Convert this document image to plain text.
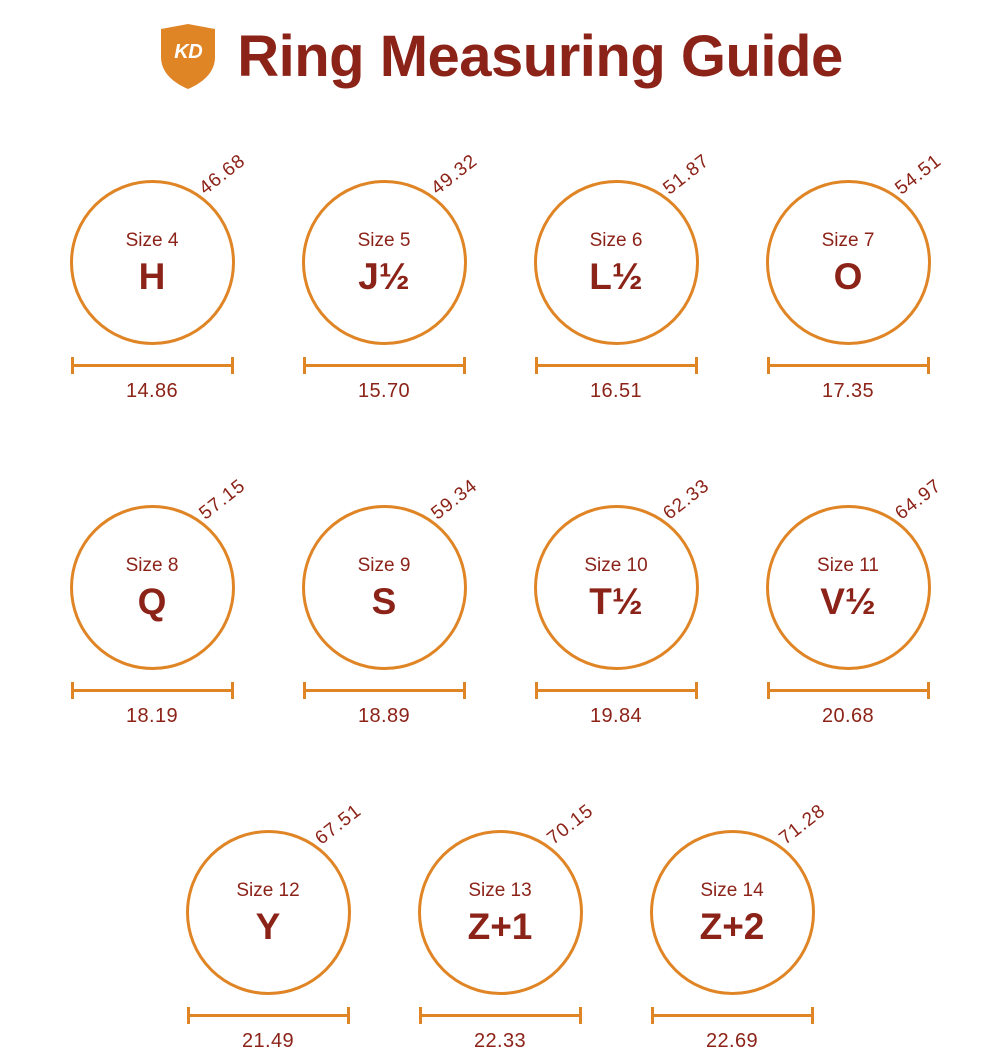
KD Ring Measuring Guide
46.68
Size 4
H
14.86
49.32
Size 5
J½
15.70
51.87
Size 6
L½
16.51
54.51
Size 7
O
17.35
57.15
Size 8
Q
18.19
59.34
Size 9
S
18.89
62.33
Size 10
T½
19.84
64.97
Size 11
V½
20.68
67.51
Size 12
Y
21.49
70.15
Size 13
Z+1
22.33
71.28
Size 14
Z+2
22.69
